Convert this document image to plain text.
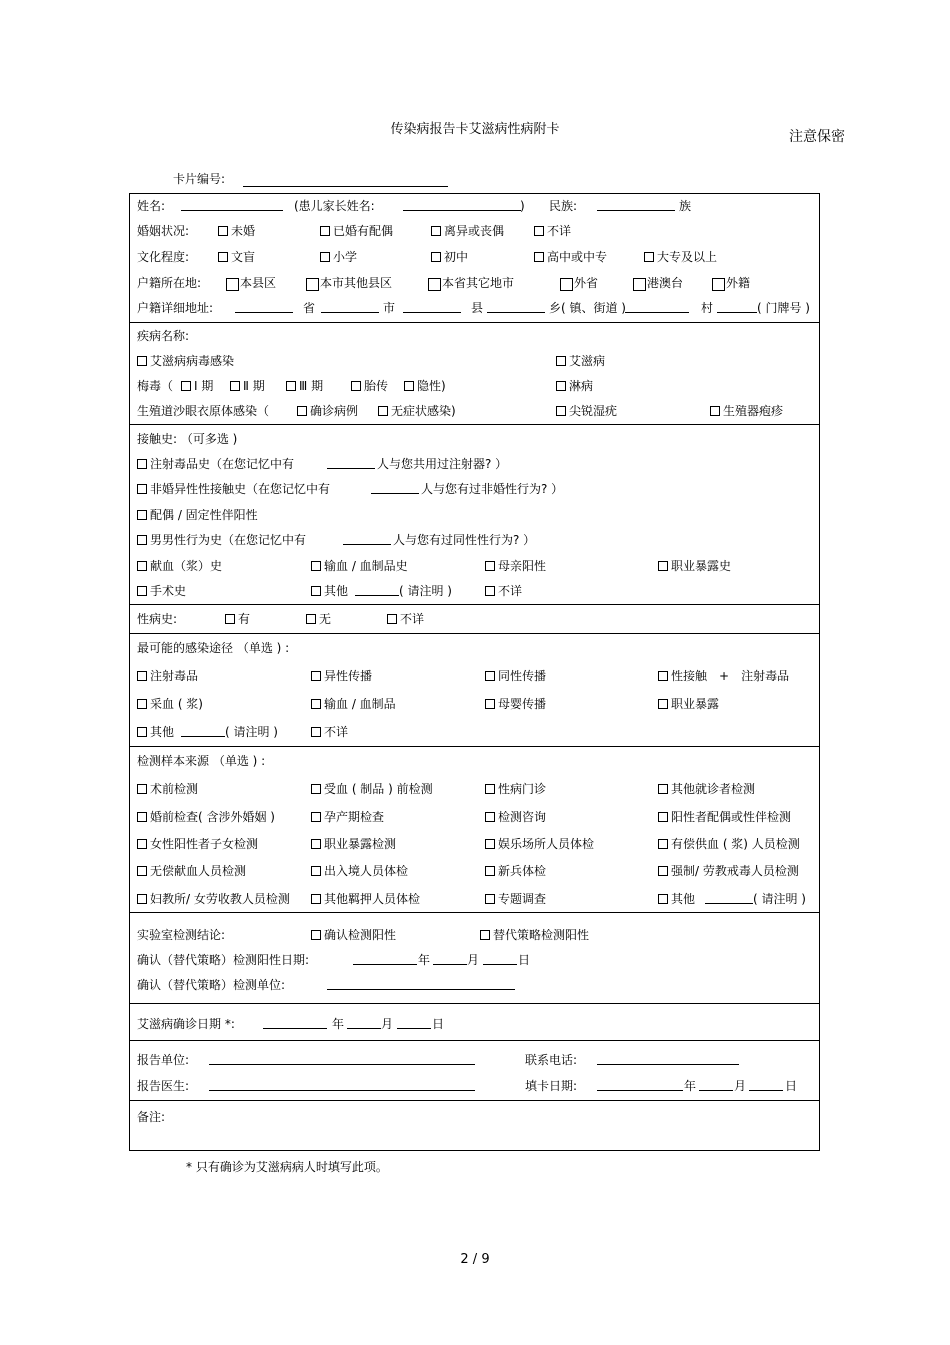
传染病报告卡艾滋病性病附卡	注意保密
卡片编号:
姓名:	(患儿家长姓名:	) 民族:	族
婚姻状况:	未婚	已婚有配偶	离异或丧偶	不详
文化程度:	文盲	小学	初中	高中或中专	大专及以上
户籍所在地:	本县区	本市其他县区	本省其它地市	外省	港澳台	外籍
户籍详细地址:	省	市	县	乡( 镇、街道 )	村	( 门牌号 )
疾病名称:
艾滋病病毒感染	艾滋病
梅毒（	Ⅰ 期	Ⅱ 期	Ⅲ 期	胎传	隐性)	淋病
生殖道沙眼衣原体感染（	确诊病例	无症状感染)	尖锐湿疣	生殖器疱疹
接触史: （可多选 )
注射毒品史（在您记忆中有	人与您共用过注射器? ）
非婚异性性接触史（在您记忆中有	人与您有过非婚性行为? ）
配偶 / 固定性伴阳性
男男性行为史（在您记忆中有	人与您有过同性性行为? ）
献血（浆）史	输血 / 血制品史	母亲阳性	职业暴露史
手术史	其他	( 请注明 )	不详
性病史:	有	无	不详
最可能的感染途径 （单选 ) :
注射毒品	异性传播	同性传播	性接触 + 注射毒品
采血 ( 浆)	输血 / 血制品	母婴传播	职业暴露
其他	( 请注明 )	不详
检测样本来源 （单选 ) :
术前检测	受血 ( 制品 ) 前检测	性病门诊	其他就诊者检测
婚前检查( 含涉外婚姻 )	孕产期检查	检测咨询	阳性者配偶或性伴检测
女性阳性者子女检测	职业暴露检测	娱乐场所人员体检	有偿供血 ( 浆) 人员检测
无偿献血人员检测	出入境人员体检	新兵体检	强制/ 劳教戒毒人员检测
妇教所/ 女劳收教人员检测	其他羁押人员体检	专题调查	其他	( 请注明 )
实验室检测结论:	确认检测阳性	替代策略检测阳性
确认（替代策略）检测阳性日期:	年	月	日
确认（替代策略）检测单位:
艾滋病确诊日期 *:	年	月	日
报告单位:	联系电话:
报告医生:	填卡日期:	年	月	日
备注:
* 只有确诊为艾滋病病人时填写此项。
2 / 9
